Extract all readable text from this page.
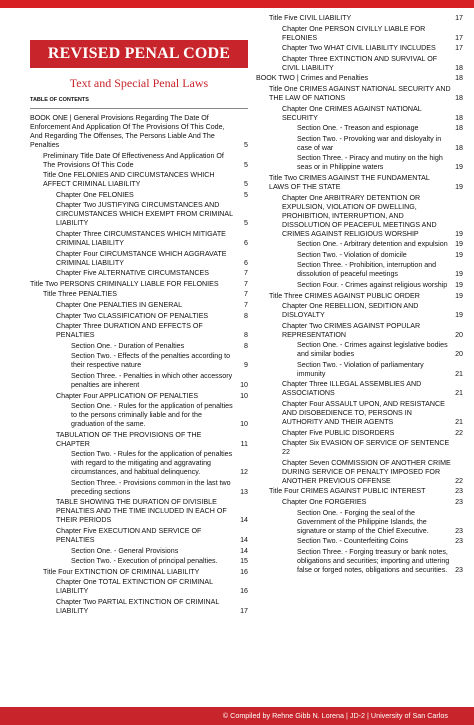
REVISED PENAL CODE
Text and Special Penal Laws
TABLE OF CONTENTS
BOOK ONE | General Provisions Regarding The Date Of Enforcement And Application Of The Provisions Of This Code, And Regarding The Offenses, The Persons Liable And The Penalties	5
Preliminary Title Date Of Effectiveness And Application Of The Provisions Of This Code	5
Title One FELONIES AND CIRCUMSTANCES WHICH AFFECT CRIMINAL LIABILITY	5
Chapter One FELONIES	5
Chapter Two JUSTIFYING CIRCUMSTANCES AND CIRCUMSTANCES WHICH EXEMPT FROM CRIMINAL LIABILITY	5
Chapter Three CIRCUMSTANCES WHICH MITIGATE CRIMINAL LIABILITY	6
Chapter Four CIRCUMSTANCE WHICH AGGRAVATE CRIMINAL LIABILITY	6
Chapter Five ALTERNATIVE CIRCUMSTANCES	7
Title Two PERSONS CRIMINALLY LIABLE FOR FELONIES	7
Title Three PENALTIES	7
Chapter One PENALTIES IN GENERAL	7
Chapter Two CLASSIFICATION OF PENALTIES	8
Chapter Three DURATION AND EFFECTS OF PENALTIES	8
Section One. - Duration of Penalties	8
Section Two. - Effects of the penalties according to their respective nature	9
Section Three. - Penalties in which other accessory penalties are inherent	10
Chapter Four APPLICATION OF PENALTIES	10
Section One. - Rules for the application of penalties to the persons criminally liable and for the graduation of the same.	10
TABULATION OF THE PROVISIONS OF THE CHAPTER	11
Section Two. - Rules for the application of penalties with regard to the mitigating and aggravating circumstances, and habitual delinquency.	12
Section Three. - Provisions common in the last two preceding sections	13
TABLE SHOWING THE DURATION OF DIVISIBLE PENALTIES AND THE TIME INCLUDED IN EACH OF THEIR PERIODS	14
Chapter Five EXECUTION AND SERVICE OF PENALTIES	14
Section One. - General Provisions	14
Section Two. - Execution of principal penalties.	15
Title Four EXTINCTION OF CRIMINAL LIABILITY	16
Chapter One TOTAL EXTINCTION OF CRIMINAL LIABILITY	16
Chapter Two PARTIAL EXTINCTION OF CRIMINAL LIABILITY	17
Title Five CIVIL LIABILITY	17
Chapter One PERSON CIVILLY LIABLE FOR FELONIES	17
Chapter Two WHAT CIVIL LIABILITY INCLUDES	17
Chapter Three EXTINCTION AND SURVIVAL OF CIVIL LIABILITY	18
BOOK TWO | Crimes and Penalties	18
Title One CRIMES AGAINST NATIONAL SECURITY AND THE LAW OF NATIONS	18
Chapter One CRIMES AGAINST NATIONAL SECURITY	18
Section One. - Treason and espionage	18
Section Two. - Provoking war and disloyalty in case of war	18
Section Three. - Piracy and mutiny on the high seas or in Philippine waters	19
Title Two CRIMES AGAINST THE FUNDAMENTAL LAWS OF THE STATE	19
Chapter One ARBITRARY DETENTION OR EXPULSION, VIOLATION OF DWELLING, PROHIBITION, INTERRUPTION, AND DISSOLUTION OF PEACEFUL MEETINGS AND CRIMES AGAINST RELIGIOUS WORSHIP	19
Section One. - Arbitrary detention and expulsion	19
Section Two. - Violation of domicile	19
Section Three. - Prohibition, interruption and dissolution of peaceful meetings	19
Section Four. - Crimes against religious worship	19
Title Three CRIMES AGAINST PUBLIC ORDER	19
Chapter One REBELLION, SEDITION AND DISLOYALTY	19
Chapter Two CRIMES AGAINST POPULAR REPRESENTATION	20
Section One. - Crimes against legislative bodies and similar bodies	20
Section Two. - Violation of parliamentary immunity	21
Chapter Three ILLEGAL ASSEMBLIES AND ASSOCIATIONS	21
Chapter Four ASSAULT UPON, AND RESISTANCE AND DISOBEDIENCE TO, PERSONS IN AUTHORITY AND THEIR AGENTS	21
Chapter Five PUBLIC DISORDERS	22
Chapter Six EVASION OF SERVICE OF SENTENCE 22
Chapter Seven COMMISSION OF ANOTHER CRIME DURING SERVICE OF PENALTY IMPOSED FOR ANOTHER PREVIOUS OFFENSE	22
Title Four CRIMES AGAINST PUBLIC INTEREST	23
Chapter One FORGERIES	23
Section One. - Forging the seal of the Government of the Philippine Islands, the signature or stamp of the Chief Executive.	23
Section Two. - Counterfeiting Coins	23
Section Three. - Forging treasury or bank notes, obligations and securities; importing and uttering false or forged notes, obligations and securities.	23
© Compiled by Rehne Gibb N. Lorena | JD-2 | University of San Carlos
